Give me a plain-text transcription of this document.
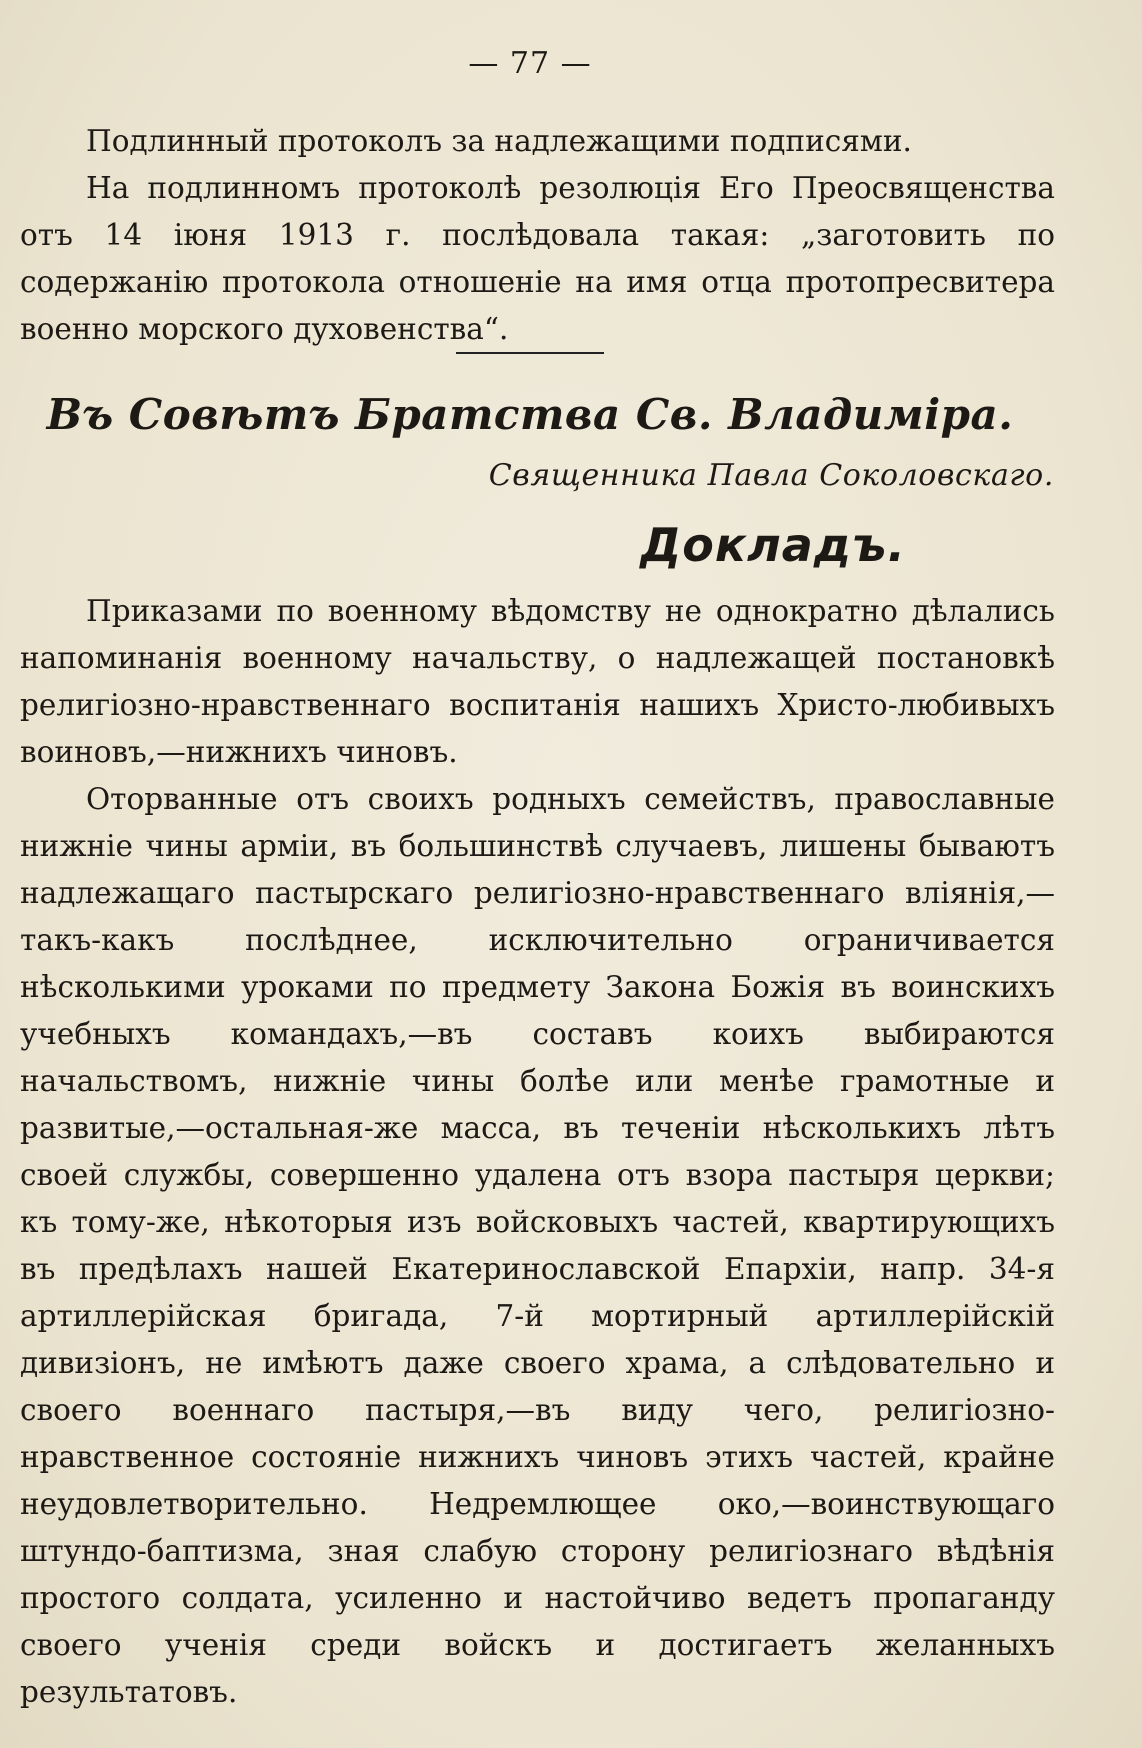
— 77 —

Подлинный протоколъ за надлежащими подписями.

На подлинномъ протоколѣ резолюція Его Преосвященства отъ 14 іюня 1913 г. послѣдовала такая: „заготовить по содержанію протокола отношеніе на имя отца протопресвитера военно морского духовенства“.

Въ Совѣтъ Братства Св. Владиміра.

Священника Павла Соколовскаго.

Докладъ.

Приказами по военному вѣдомству не однократно дѣлались напоминанія военному начальству, о надлежащей постановкѣ религіозно-нравственнаго воспитанія нашихъ Христо-любивыхъ воиновъ,—нижнихъ чиновъ.

Оторванные отъ своихъ родныхъ семействъ, православные нижніе чины арміи, въ большинствѣ случаевъ, лишены бываютъ надлежащаго пастырскаго религіозно-нравственнаго вліянія,—такъ-какъ послѣднее, исключительно ограничивается нѣсколькими уроками по предмету Закона Божія въ воинскихъ учебныхъ командахъ,—въ составъ коихъ выбираются начальствомъ, нижніе чины болѣе или менѣе грамотные и развитые,—остальная-же масса, въ теченіи нѣсколькихъ лѣтъ своей службы, совершенно удалена отъ взора пастыря церкви; къ тому-же, нѣкоторыя изъ войсковыхъ частей, квартирующихъ въ предѣлахъ нашей Екатеринославской Епархіи, напр. 34-я артиллерійская бригада, 7-й мортирный артиллерійскій дивизіонъ, не имѣютъ даже своего храма, а слѣдовательно и своего военнаго пастыря,—въ виду чего, религіозно-нравственное состояніе нижнихъ чиновъ этихъ частей, крайне неудовлетворительно. Недремлющее око,—воинствующаго штундо-баптизма, зная слабую сторону религіознаго вѣдѣнія простого солдата, усиленно и настойчиво ведетъ пропаганду своего ученія среди войскъ и достигаетъ желанныхъ результатовъ.
